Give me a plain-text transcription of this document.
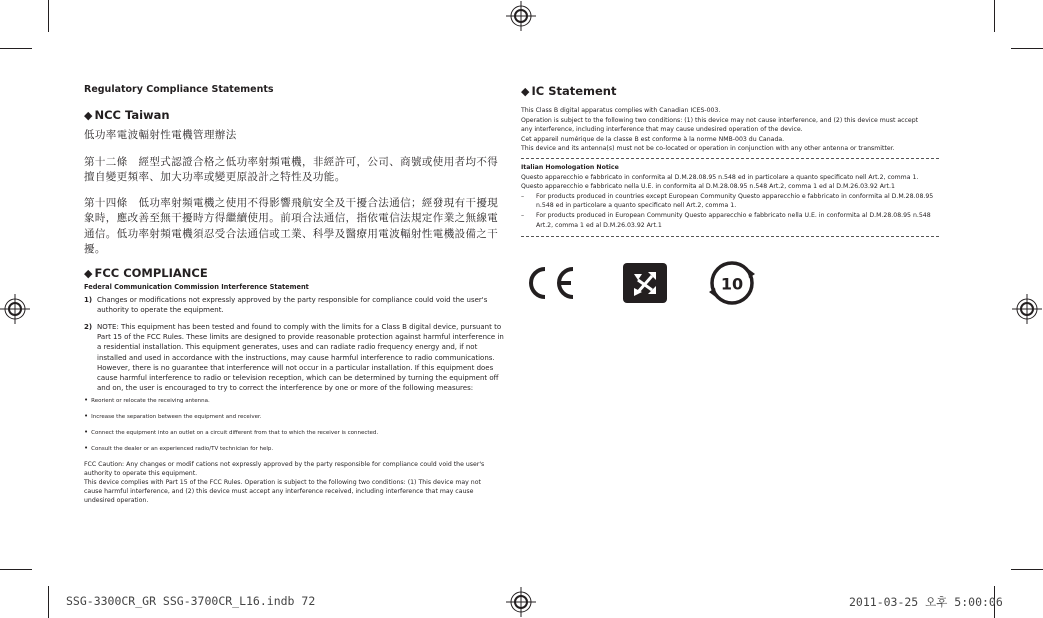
Regulatory Compliance Statements
◆ NCC Taiwan
低功率電波輻射性電機管理辦法
第十二條　經型式認證合格之低功率射頻電機，非經許可，公司、商號或使用者均不得擅自變更頻率、加大功率或變更原設計之特性及功能。
第十四條　低功率射頻電機之使用不得影響飛航安全及干擾合法通信；經發現有干擾現象時，應改善至無干擾時方得繼續使用。前項合法通信，指依電信法規定作業之無線電通信。低功率射頻電機須忍受合法通信或工業、科學及醫療用電波輻射性電機設備之干擾。
◆ FCC COMPLIANCE
Federal Communication Commission Interference Statement
1) Changes or modifications not expressly approved by the party responsible for compliance could void the user's authority to operate the equipment.
2) NOTE: This equipment has been tested and found to comply with the limits for a Class B digital device, pursuant to Part 15 of the FCC Rules. These limits are designed to provide reasonable protection against harmful interference in a residential installation. This equipment generates, uses and can radiate radio frequency energy and, if not installed and used in accordance with the instructions, may cause harmful interference to radio communications. However, there is no guarantee that interference will not occur in a particular installation. If this equipment does cause harmful interference to radio or television reception, which can be determined by turning the equipment off and on, the user is encouraged to try to correct the interference by one or more of the following measures:
• Reorient or relocate the receiving antenna.
• Increase the separation between the equipment and receiver.
• Connect the equipment into an outlet on a circuit different from that to which the receiver is connected.
• Consult the dealer or an experienced radio/TV technician for help.

FCC Caution: Any changes or modif cations not expressly approved by the party responsible for compliance could void the user's authority to operate this equipment.

This device complies with Part 15 of the FCC Rules. Operation is subject to the following two conditions: (1) This device may not cause harmful interference, and (2) this device must accept any interference received, including interference that may cause undesired operation.

◆ IC Statement

This Class B digital apparatus complies with Canadian ICES-003.

Operation is subject to the following two conditions: (1) this device may not cause interference, and (2) this device must accept

any interference, including interference that may cause undesired operation of the device.

Cet appareil numérique de la classe B est conforme à la norme NMB-003 du Canada.

This device and its antenna(s) must not be co-located or operation in conjunction with any other antenna or transmitter.

Italian Homologation Notice

Questo apparecchio e fabbricato in conformita al D.M.28.08.95 n.548 ed in particolare a quanto specificato nell Art.2, comma 1.

Questo apparecchio e fabbricato nella U.E. in conformita al D.M.28.08.95 n.548 Art.2, comma 1 ed al D.M.26.03.92 Art.1

–	For products produced in countries except European Community Questo apparecchio e fabbricato in conformita al D.M.28.08.95 n.548 ed in particolare a quanto specificato nell Art.2, comma 1.
–	For products produced in European Community Questo apparecchio e fabbricato nella U.E. in conformita al D.M.28.08.95 n.548 Art.2, comma 1 ed al D.M.26.03.92 Art.1
10
SSG-3300CR_GR SSG-3700CR_L16.indb 72	2011-03-25 오후 5:00:06
